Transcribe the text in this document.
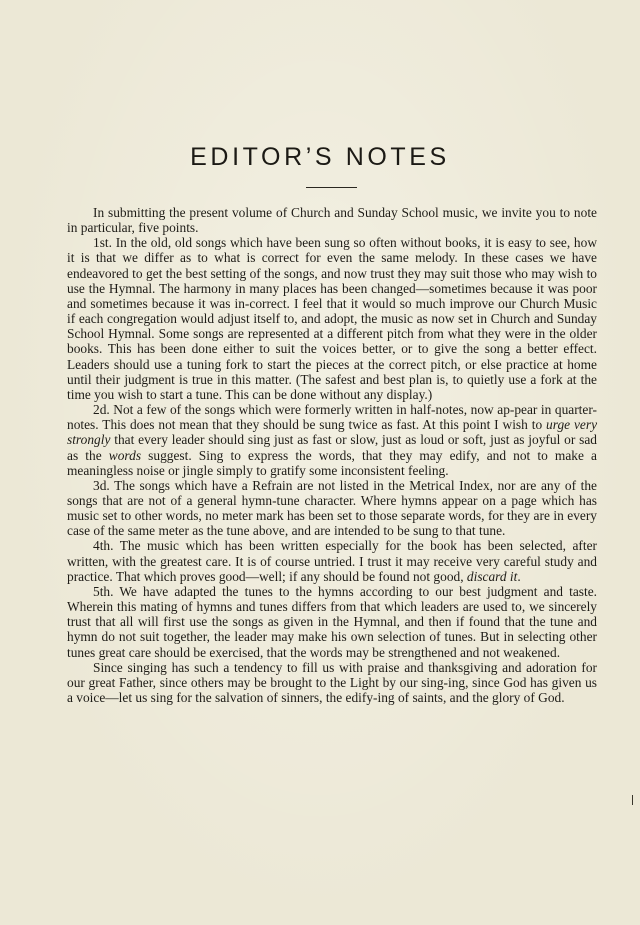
EDITOR’S NOTES

In submitting the present volume of Church and Sunday School music, we invite you to note in particular, five points.

1st. In the old, old songs which have been sung so often without books, it is easy to see, how it is that we differ as to what is correct for even the same melody. In these cases we have endeavored to get the best setting of the songs, and now trust they may suit those who may wish to use the Hymnal. The harmony in many places has been changed—sometimes because it was poor and sometimes because it was in-correct. I feel that it would so much improve our Church Music if each congregation would adjust itself to, and adopt, the music as now set in Church and Sunday School Hymnal. Some songs are represented at a different pitch from what they were in the older books. This has been done either to suit the voices better, or to give the song a better effect. Leaders should use a tuning fork to start the pieces at the correct pitch, or else practice at home until their judgment is true in this matter. (The safest and best plan is, to quietly use a fork at the time you wish to start a tune. This can be done without any display.)

2d. Not a few of the songs which were formerly written in half-notes, now ap-pear in quarter-notes. This does not mean that they should be sung twice as fast. At this point I wish to urge very strongly that every leader should sing just as fast or slow, just as loud or soft, just as joyful or sad as the words suggest. Sing to express the words, that they may edify, and not to make a meaningless noise or jingle simply to gratify some inconsistent feeling.

3d. The songs which have a Refrain are not listed in the Metrical Index, nor are any of the songs that are not of a general hymn-tune character. Where hymns appear on a page which has music set to other words, no meter mark has been set to those separate words, for they are in every case of the same meter as the tune above, and are intended to be sung to that tune.

4th. The music which has been written especially for the book has been selected, after written, with the greatest care. It is of course untried. I trust it may receive very careful study and practice. That which proves good—well; if any should be found not good, discard it.

5th. We have adapted the tunes to the hymns according to our best judgment and taste. Wherein this mating of hymns and tunes differs from that which leaders are used to, we sincerely trust that all will first use the songs as given in the Hymnal, and then if found that the tune and hymn do not suit together, the leader may make his own selection of tunes. But in selecting other tunes great care should be exercised, that the words may be strengthened and not weakened.

Since singing has such a tendency to fill us with praise and thanksgiving and adoration for our great Father, since others may be brought to the Light by our sing-ing, since God has given us a voice—let us sing for the salvation of sinners, the edify-ing of saints, and the glory of God.
